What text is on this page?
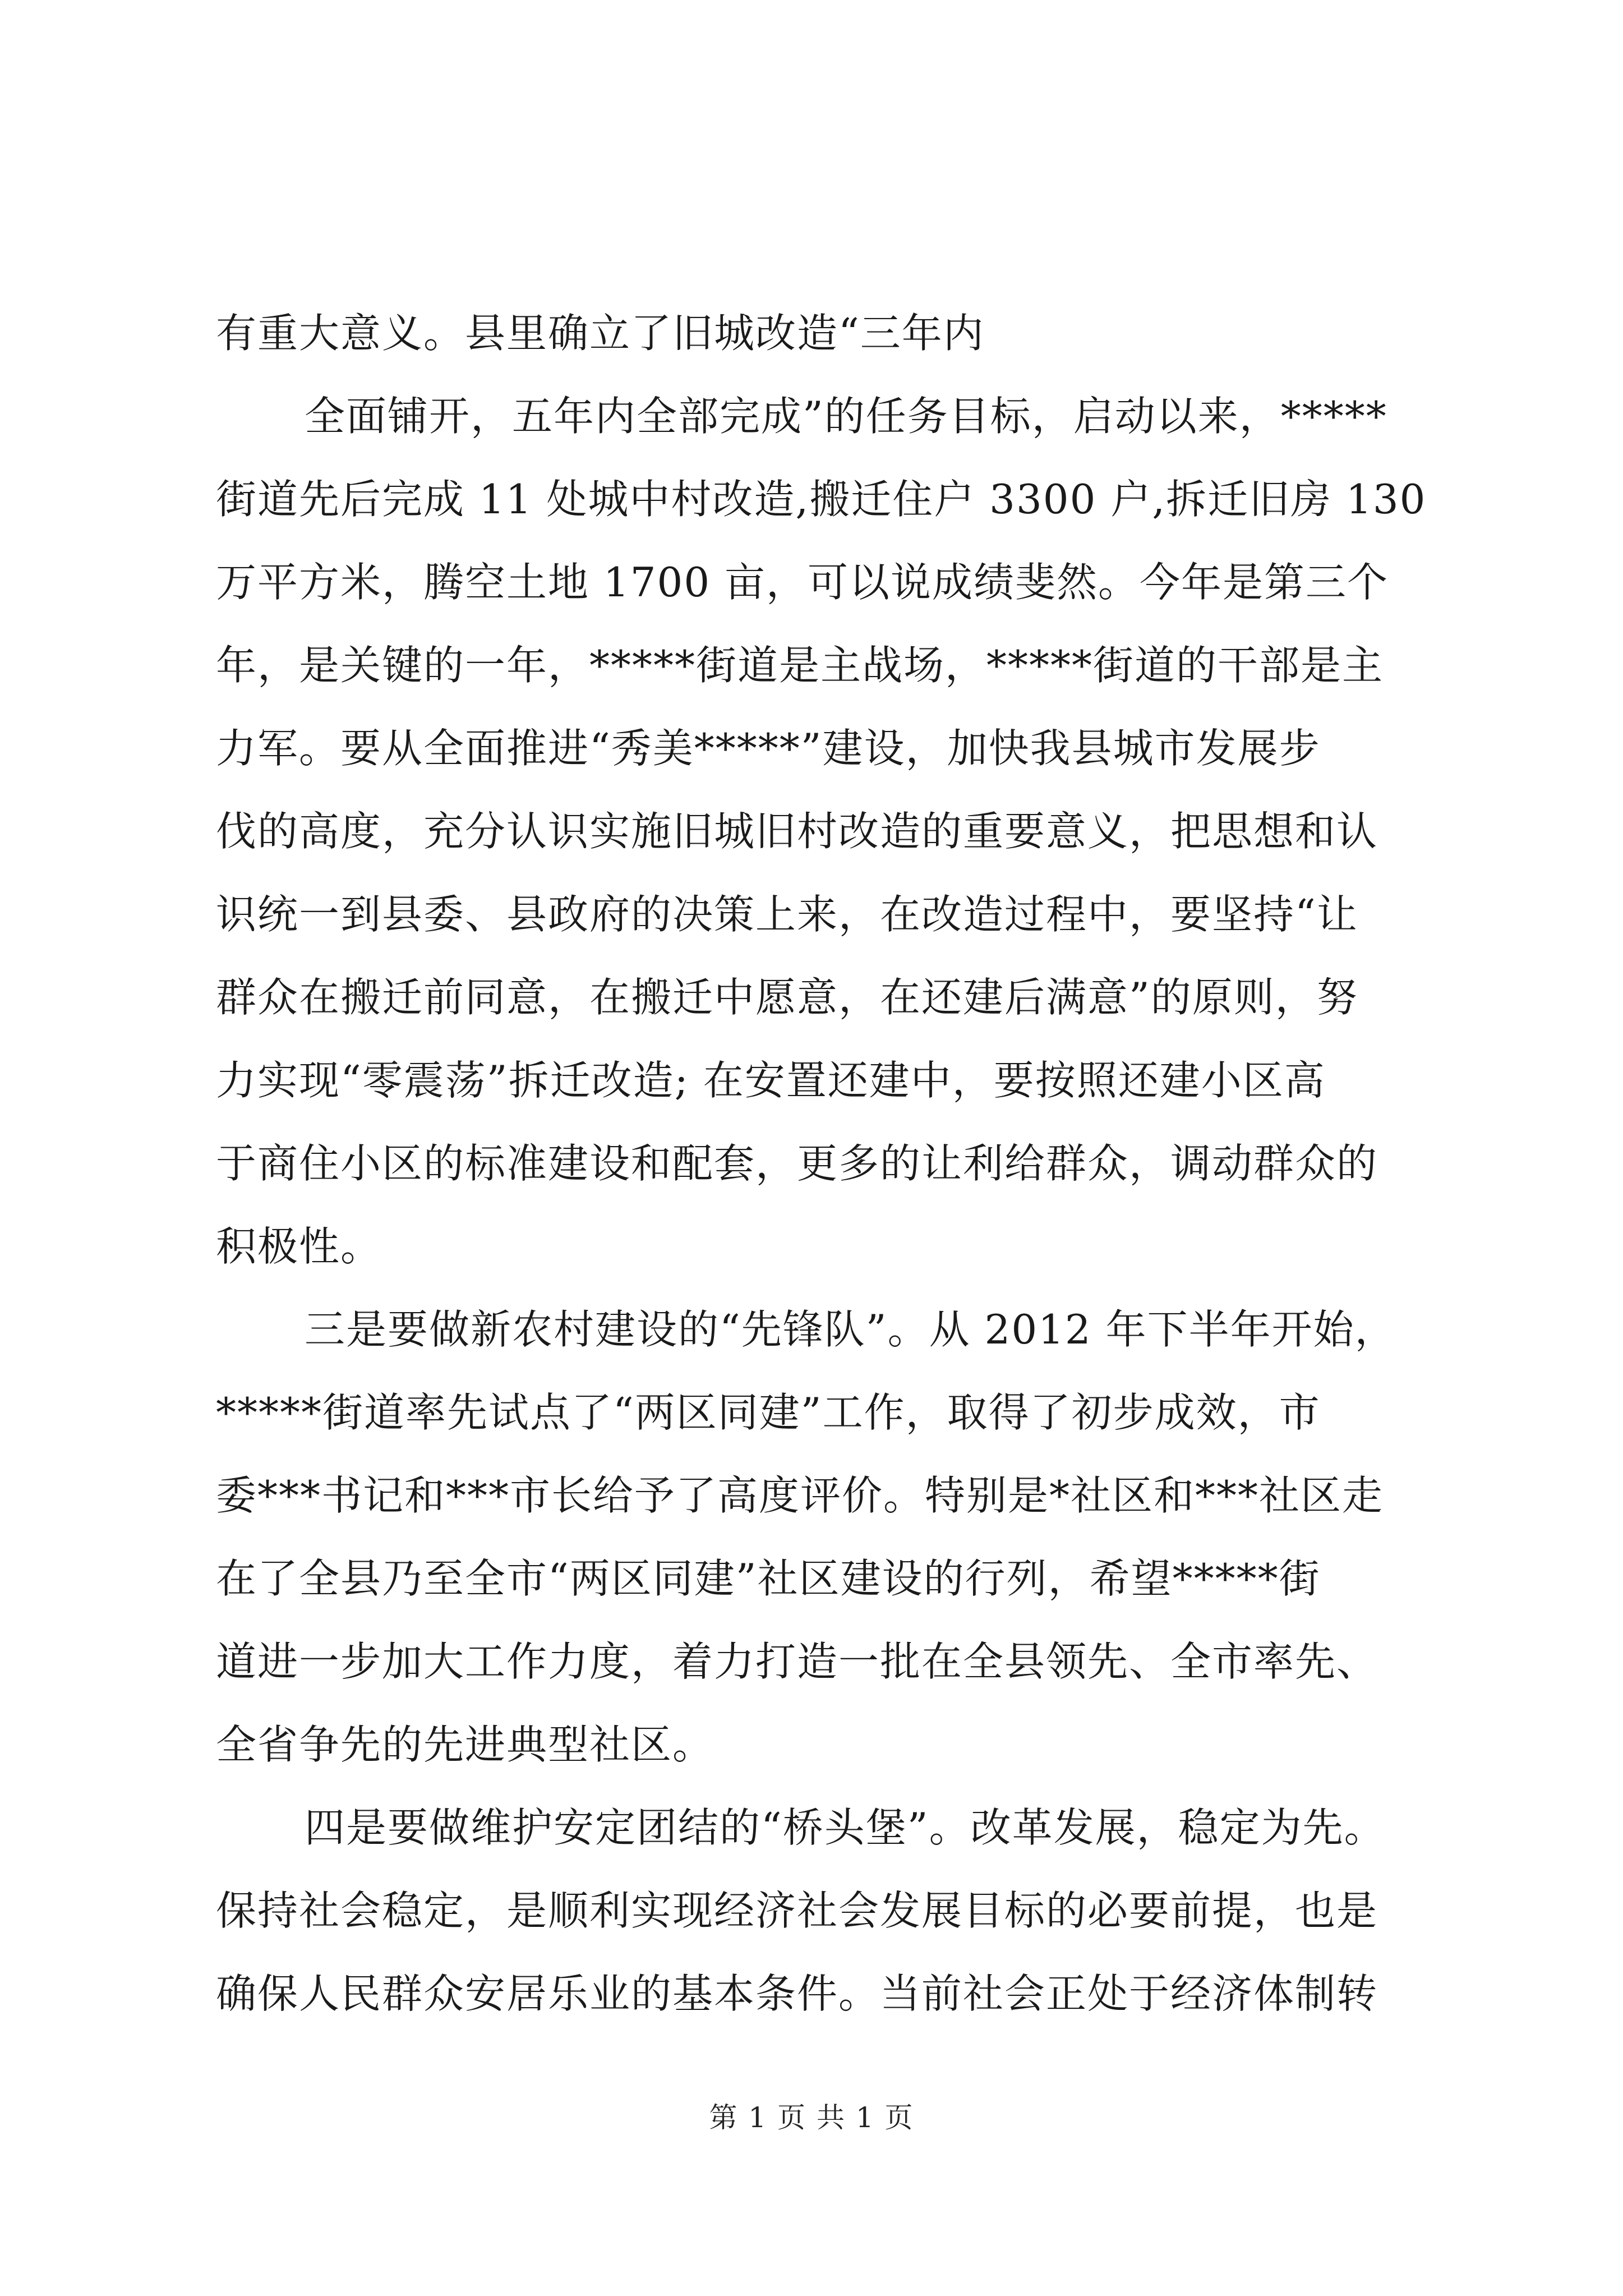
有重大意义。县里确立了旧城改造“三年内
全面铺开，五年内全部完成”的任务目标，启动以来，*****
街道先后完成 11 处城中村改造,搬迁住户 3300 户,拆迁旧房 130
万平方米，腾空土地 1700 亩，可以说成绩斐然。今年是第三个
年，是关键的一年，*****街道是主战场，*****街道的干部是主
力军。要从全面推进“秀美*****”建设，加快我县城市发展步
伐的高度，充分认识实施旧城旧村改造的重要意义，把思想和认
识统一到县委、县政府的决策上来，在改造过程中，要坚持“让
群众在搬迁前同意，在搬迁中愿意，在还建后满意”的原则，努
力实现“零震荡”拆迁改造; 在安置还建中，要按照还建小区高
于商住小区的标准建设和配套，更多的让利给群众，调动群众的
积极性。
三是要做新农村建设的“先锋队”。从 2012 年下半年开始，
*****街道率先试点了“两区同建”工作，取得了初步成效，市
委***书记和***市长给予了高度评价。特别是*社区和***社区走
在了全县乃至全市“两区同建”社区建设的行列，希望*****街
道进一步加大工作力度，着力打造一批在全县领先、全市率先、
全省争先的先进典型社区。
四是要做维护安定团结的“桥头堡”。改革发展，稳定为先。
保持社会稳定，是顺利实现经济社会发展目标的必要前提，也是
确保人民群众安居乐业的基本条件。当前社会正处于经济体制转
第 1 页 共 1 页
